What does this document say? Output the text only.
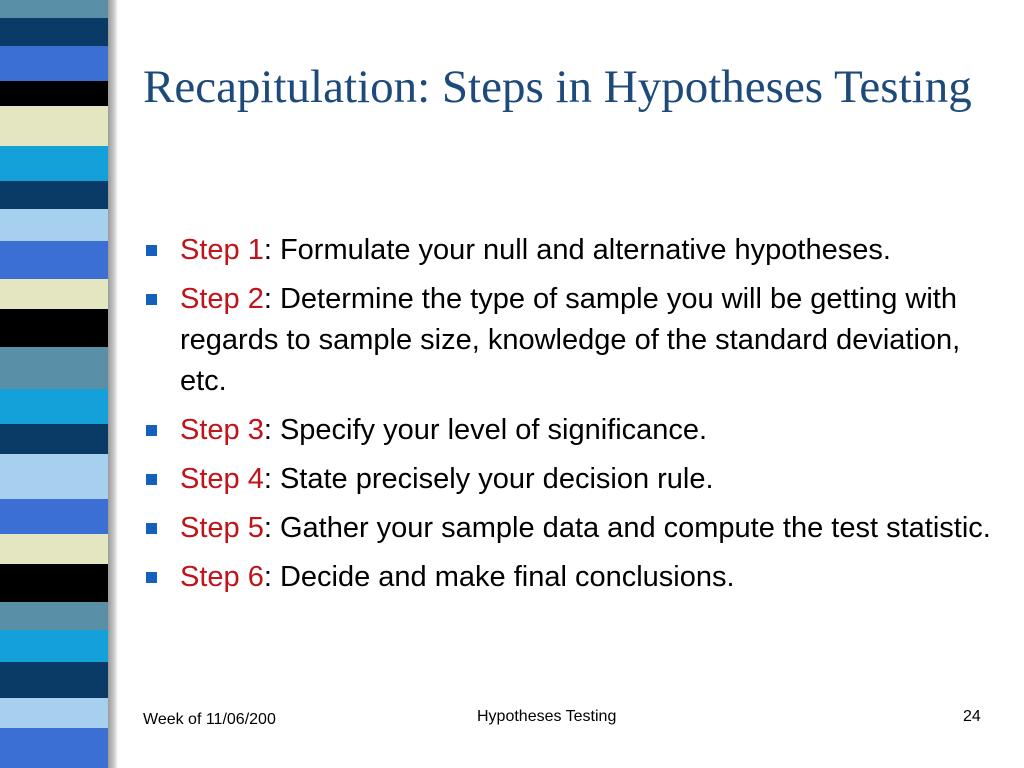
Recapitulation: Steps in Hypotheses Testing
Step 1: Formulate your null and alternative hypotheses.
Step 2: Determine the type of sample you will be getting with regards to sample size, knowledge of the standard deviation, etc.
Step 3: Specify your level of significance.
Step 4: State precisely your decision rule.
Step 5: Gather your sample data and compute the test statistic.
Step 6: Decide and make final conclusions.
Week of 11/06/200	Hypotheses Testing	24
